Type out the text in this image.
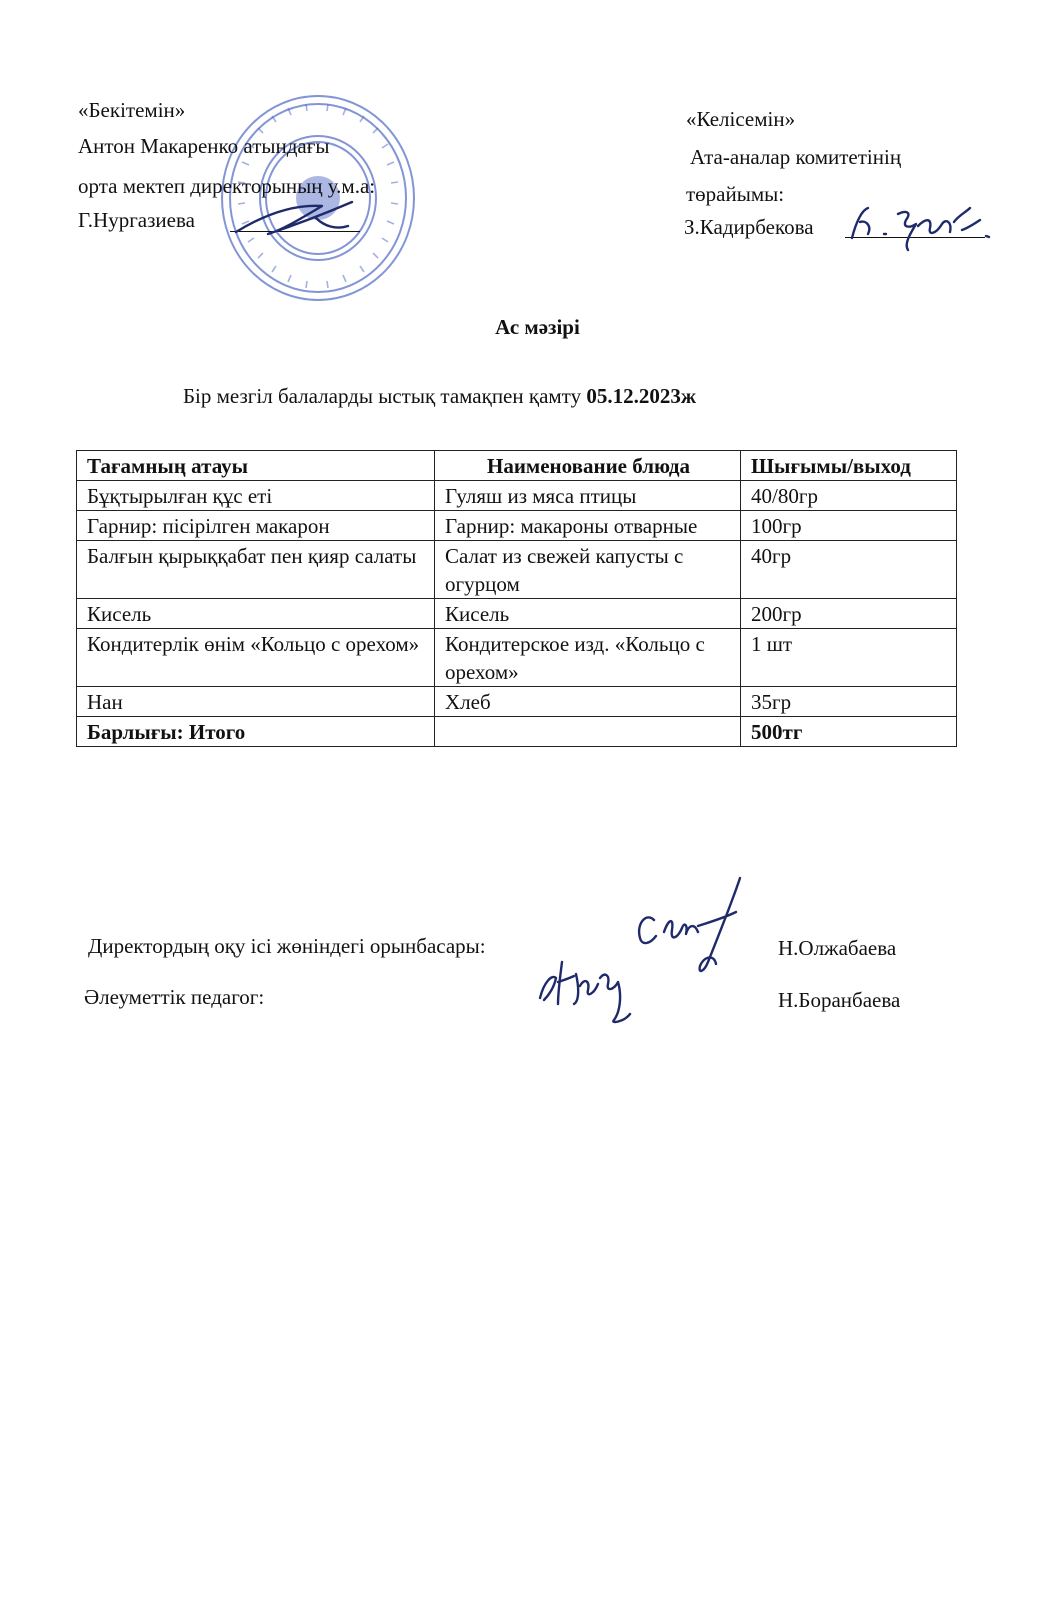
«Бекітемін»
Антон Макаренко атындағы
орта мектеп директорының у.м.а:
Г.Нургазиева
«Келісемін»
Ата-аналар комитетінің
төрайымы:
З.Кадирбекова
Ас мәзірі
Бір мезгіл балаларды ыстық тамақпен қамту 05.12.2023ж
Тағамның атауы	Наименование блюда	Шығымы/выход
Бұқтырылған құс еті	Гуляш из мяса птицы	40/80гр
Гарнир: пісірілген макарон	Гарнир: макароны отварные	100гр
Балғын қырыққабат пен қияр салаты	Салат из свежей капусты с огурцом	40гр
Кисель	Кисель	200гр
Кондитерлік өнім «Кольцо с орехом»	Кондитерское изд. «Кольцо с орехом»	1 шт
Нан	Хлеб	35гр
Барлығы: Итого		500тг
Директордың оқу ісі жөніндегі орынбасары:	Н.Олжабаева
Әлеуметтік педагог:	Н.Боранбаева
